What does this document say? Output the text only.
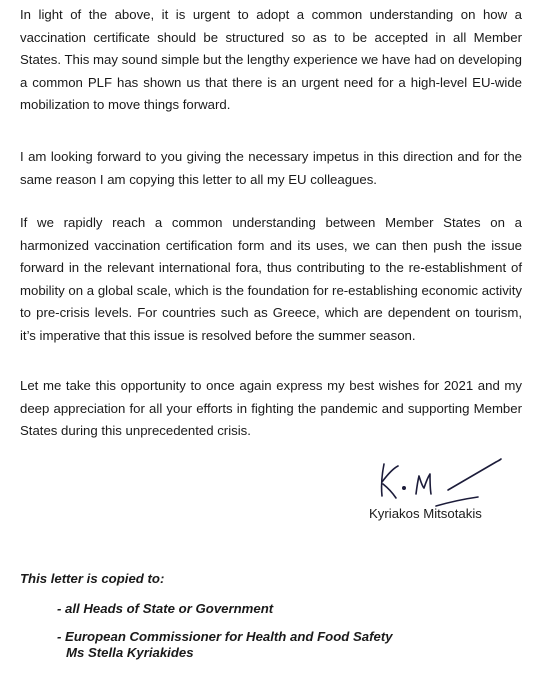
In light of the above, it is urgent to adopt a common understanding on how a vaccination certificate should be structured so as to be accepted in all Member States. This may sound simple but the lengthy experience we have had on developing a common PLF has shown us that there is an urgent need for a high-level EU-wide mobilization to move things forward.

I am looking forward to you giving the necessary impetus in this direction and for the same reason I am copying this letter to all my EU colleagues.

If we rapidly reach a common understanding between Member States on a harmonized vaccination certification form and its uses, we can then push the issue forward in the relevant international fora, thus contributing to the re-establishment of mobility on a global scale, which is the foundation for re-establishing economic activity to pre-crisis levels. For countries such as Greece, which are dependent on tourism, it’s imperative that this issue is resolved before the summer season.

Let me take this opportunity to once again express my best wishes for 2021 and my deep appreciation for all your efforts in fighting the pandemic and supporting Member States during this unprecedented crisis.

Kyriakos Mitsotakis

This letter is copied to:

- all Heads of State or Government
- European Commissioner for Health and Food Safety
Ms Stella Kyriakides
